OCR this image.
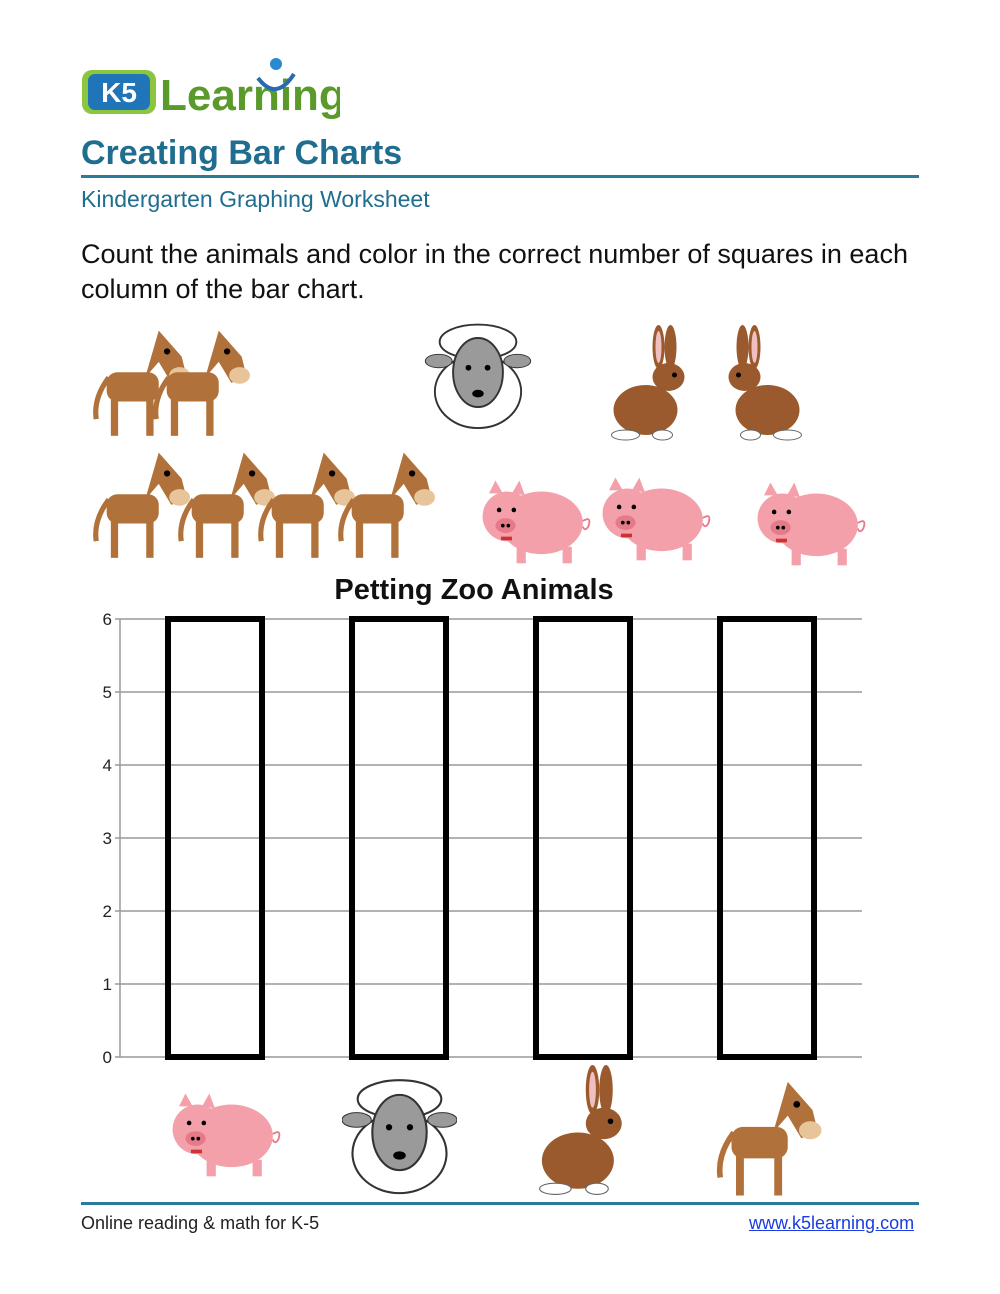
K5 Learning
Creating Bar Charts
Kindergarten Graphing Worksheet
Count the animals and color in the correct number of squares in each column of the bar chart.
Petting Zoo Animals
0
1
2
3
4
5
6
Online reading & math for K-5	www.k5learning.com
